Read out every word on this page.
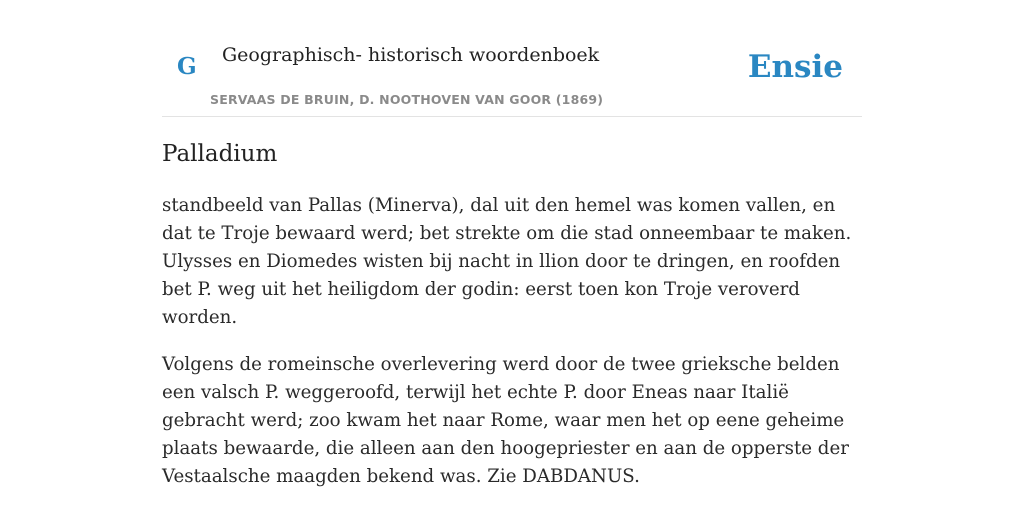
G Geographisch- historisch woordenboek
SERVAAS DE BRUIN, D. NOOTHOVEN VAN GOOR (1869)
Ensie
Palladium

standbeeld van Pallas (Minerva), dal uit den hemel was komen vallen, en dat te Troje bewaard werd; bet strekte om die stad onneembaar te maken. Ulysses en Diomedes wisten bij nacht in llion door te dringen, en roofden bet P. weg uit het heiligdom der godin: eerst toen kon Troje veroverd worden.

Volgens de romeinsche overlevering werd door de twee grieksche belden een valsch P. weggeroofd, terwijl het echte P. door Eneas naar Italië gebracht werd; zoo kwam het naar Rome, waar men het op eene geheime plaats bewaarde, die alleen aan den hoogepriester en aan de opperste der Vestaalsche maagden bekend was. Zie DABDANUS.
